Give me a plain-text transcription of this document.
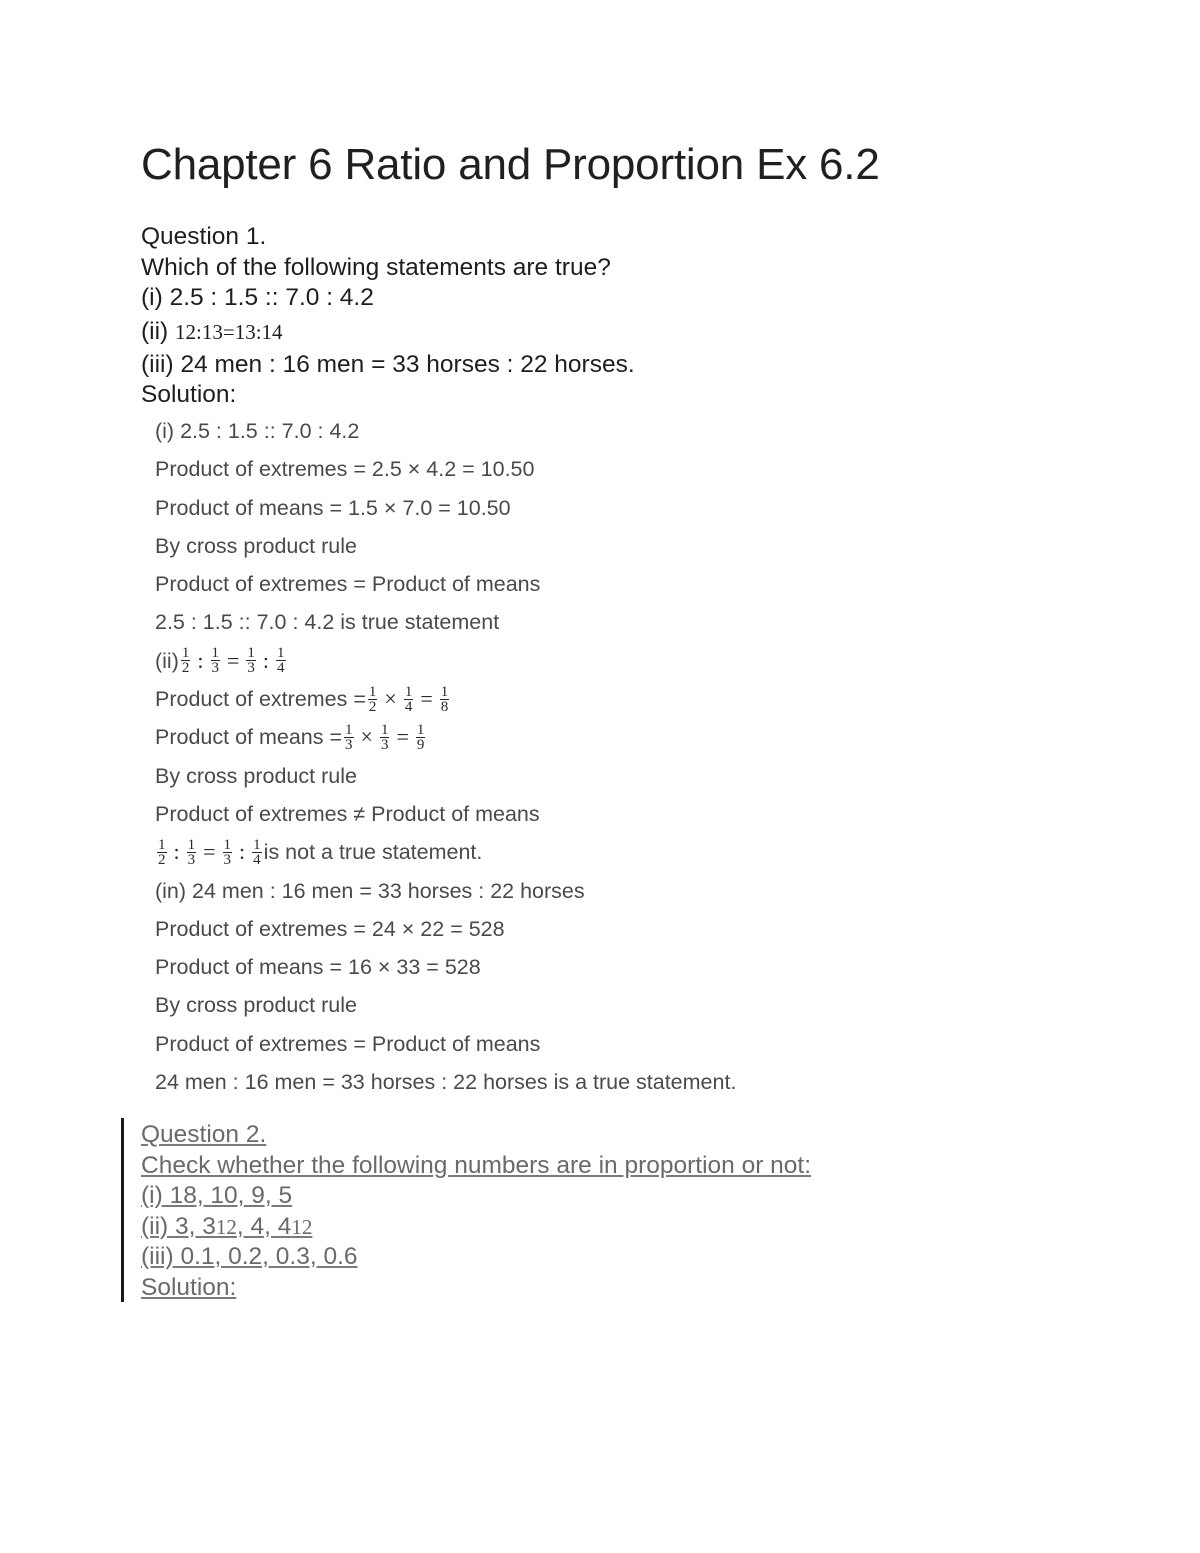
Chapter 6 Ratio and Proportion Ex 6.2
Question 1.
Which of the following statements are true?
(i) 2.5 : 1.5 :: 7.0 : 4.2
(ii) 12:13=13:14
(iii) 24 men : 16 men = 33 horses : 22 horses.
Solution:
(i) 2.5 : 1.5 :: 7.0 : 4.2
Product of extremes = 2.5 × 4.2 = 10.50
Product of means = 1.5 × 7.0 = 10.50
By cross product rule
Product of extremes = Product of means
2.5 : 1.5 :: 7.0 : 4.2 is true statement
$(ii) \frac{1}{2}$ : $\frac{1}{3} = \frac{1}{3}$ : $\frac{1}{4}$
Product of extremes = $\frac{1}{2} \times \frac{1}{4} = \frac{1}{8}$
Product of means = $\frac{1}{3} \times \frac{1}{3} = \frac{1}{9}$
By cross product rule
Product of extremes ≠ Product of means
$\frac{1}{2}$ : $\frac{1}{3} = \frac{1}{3}$ : $\frac{1}{4}$ is not a true statement.
(in) 24 men : 16 men = 33 horses : 22 horses
Product of extremes = 24 × 22 = 528
Product of means = 16 × 33 = 528
By cross product rule
Product of extremes = Product of means
24 men : 16 men = 33 horses : 22 horses is a true statement.
Question 2.
Check whether the following numbers are in proportion or not:
(i) 18, 10, 9, 5
(ii) 3, 312, 4, 412
(iii) 0.1, 0.2, 0.3, 0.6
Solution:
